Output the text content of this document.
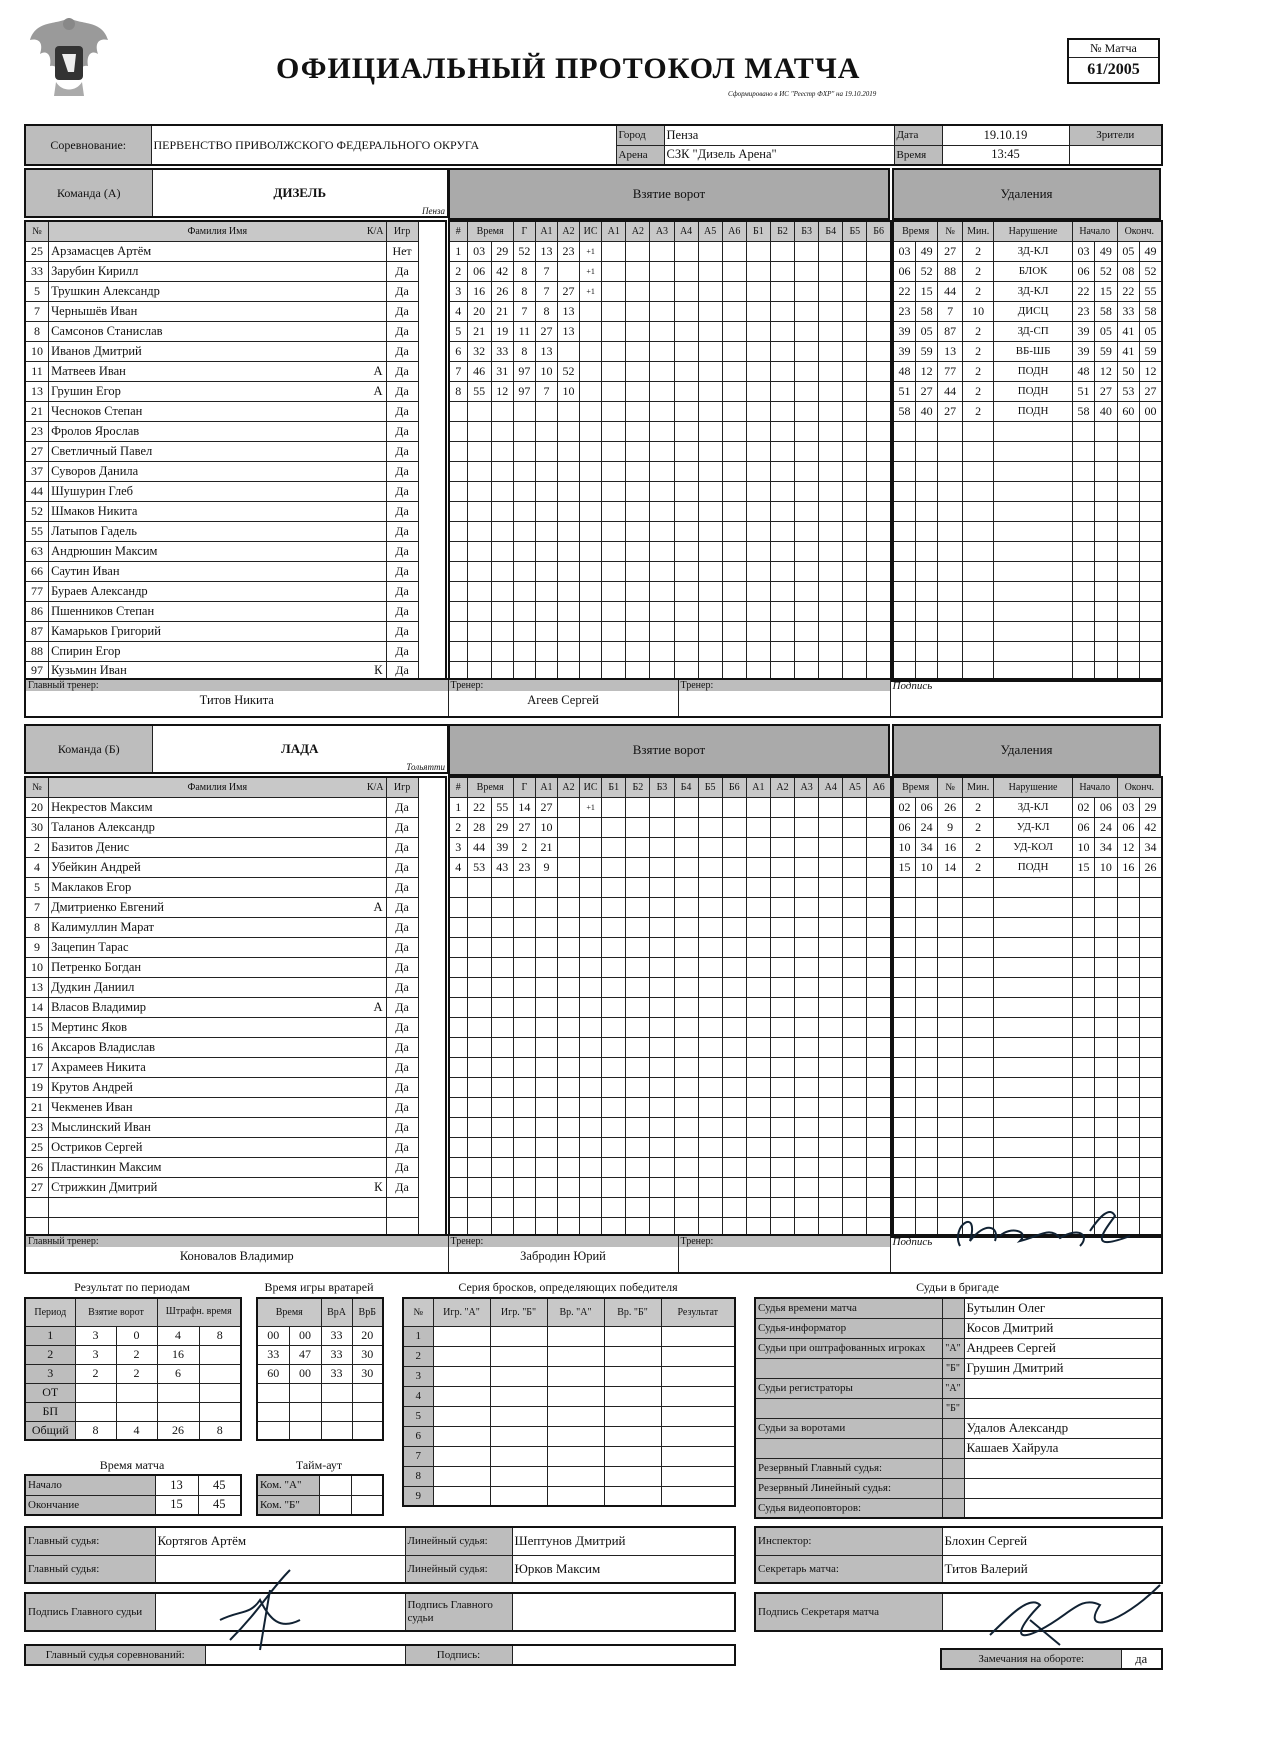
ОФИЦИАЛЬНЫЙ ПРОТОКОЛ МАТЧА
Сформировано в ИС "Реестр ФХР" на 19.10.2019
№ Матча
61/2005
Соревнование:	ПЕРВЕНСТВО ПРИВОЛЖСКОГО ФЕДЕРАЛЬНОГО ОКРУГА	Город	Пенза	Дата	19.10.19	Зрители
		Арена	СЗК "Дизель Арена"	Время	13:45	
Команда (А)	ДИЗЕЛЬ
Пенза
Взятие ворот	Удаления
№	Фамилия Имя К/А		Игр
25	Арзамасцев Артём		Нет
33	Зарубин Кирилл		Да
5	Трушкин Александр		Да
7	Чернышёв Иван		Да
8	Самсонов Станислав		Да
10	Иванов Дмитрий		Да
11	Матвеев Иван А		Да
13	Грушин Егор А		Да
21	Чесноков Степан		Да
23	Фролов Ярослав		Да
27	Светличный Павел		Да
37	Суворов Данила		Да
44	Шушурин Глеб		Да
52	Шмаков Никита		Да
55	Латыпов Гадель		Да
63	Андрюшин Максим		Да
66	Саутин Иван		Да
77	Бураев Александр		Да
86	Пшенников Степан		Да
87	Камарьков Григорий		Да
88	Спирин Егор		Да
97	Кузьмин Иван К		Да
#	Время		Г	А1	А2	ИС	А1	А2	А3	А4	А5	А6	Б1	Б2	Б3	Б4	Б5	Б6
1	03	29	52	13	23	+1												
2	06	42	8	7		+1												
3	16	26	8	7	27	+1												
4	20	21	7	8	13													
5	21	19	11	27	13													
6	32	33	8	13														
7	46	31	97	10	52													
8	55	12	97	7	10													

Время		№	Мин.	Нарушение	Начало		Оконч.	
03	49	27	2	ЗД-КЛ	03	49	05	49
06	52	88	2	БЛОК	06	52	08	52
22	15	44	2	ЗД-КЛ	22	15	22	55
23	58	7	10	ДИСЦ	23	58	33	58
39	05	87	2	ЗД-СП	39	05	41	05
39	59	13	2	ВБ-ШБ	39	59	41	59
48	12	77	2	ПОДН	48	12	50	12
51	27	44	2	ПОДН	51	27	53	27
58	40	27	2	ПОДН	58	40	60	00

Главный тренер:
Титов Никита

Тренер:
Агеев Сергей

Тренер:	Подпись
Команда (Б)	ЛАДА
Тольятти
Взятие ворот	Удаления
№	Фамилия Имя К/А		Игр
20	Некрестов Максим		Да
30	Таланов Александр		Да
2	Базитов Денис		Да
4	Убейкин Андрей		Да
5	Маклаков Егор		Да
7	Дмитриенко Евгений А		Да
8	Калимуллин Марат		Да
9	Зацепин Тарас		Да
10	Петренко Богдан		Да
13	Дудкин Даниил		Да
14	Власов Владимир А		Да
15	Мертинс Яков		Да
16	Аксаров Владислав		Да
17	Ахрамеев Никита		Да
19	Крутов Андрей		Да
21	Чекменев Иван		Да
23	Мыслинский Иван		Да
25	Остриков Сергей		Да
26	Пластинкин Максим		Да
27	Стрижкин Дмитрий К		Да

#	Время		Г	А1	А2	ИС	Б1	Б2	Б3	Б4	Б5	Б6	А1	А2	А3	А4	А5	А6
1	22	55	14	27		+1												
2	28	29	27	10														
3	44	39	2	21														
4	53	43	23	9														

Время		№	Мин.	Нарушение	Начало		Оконч.	
02	06	26	2	ЗД-КЛ	02	06	03	29
06	24	9	2	УД-КЛ	06	24	06	42
10	34	16	2	УД-КОЛ	10	34	12	34
15	10	14	2	ПОДН	15	10	16	26

Главный тренер:
Коновалов Владимир

Тренер:
Забродин Юрий

Тренер:	Подпись
Результат по периодам
Период	Взятие ворот		Штрафн. время	
1	3	0	4	8
2	3	2	16	
3	2	2	6	
ОТ				
БП				
Общий	8	4	26	8
Время игры вратарей
Время		ВрА	ВрБ
00	00	33	20
33	47	33	30
60	00	33	30

Время матча
Начало	13	45
Окончание	15	45
Тайм-аут
Ком. "А"		
Ком. "Б"		
Серия бросков, определяющих победителя
№	Игр. "А"	Игр. "Б"	Вр. "А"	Вр. "Б"	Результат
1					
2					
3					
4					
5					
6					
7					
8					
9					
Судьи в бригаде
Судья времени матча		Бутылин Олег
Судья-информатор		Косов Дмитрий
Судьи при оштрафованных игроках	"А"	Андреев Сергей
	"Б"	Грушин Дмитрий
Судьи регистраторы	"А"	
	"Б"	
Судьи за воротами		Удалов Александр
		Кашаев Хайрула
Резервный Главный судья:		
Резервный Линейный судья:		
Судья видеоповторов:		
Главный судья:	Кортягов Артём	Линейный судья:	Шептунов Дмитрий
Главный судья:		Линейный судья:	Юрков Максим
Подпись Главного судьи		Подпись Главного судьи	
Главный судья соревнований:		Подпись:	
Инспектор:	Блохин Сергей
Секретарь матча:	Титов Валерий
Подпись Секретаря матча	
Замечания на обороте:	да
